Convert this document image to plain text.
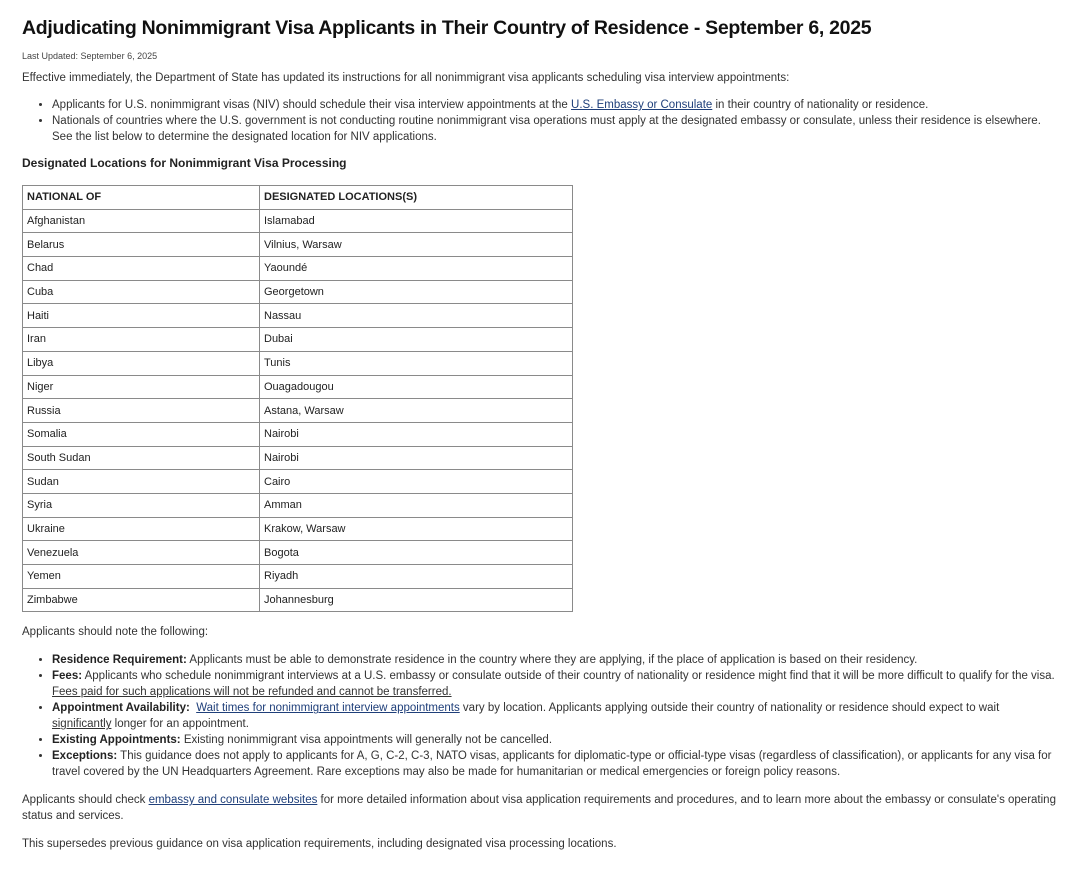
Adjudicating Nonimmigrant Visa Applicants in Their Country of Residence - September 6, 2025
Last Updated: September 6, 2025

Effective immediately, the Department of State has updated its instructions for all nonimmigrant visa applicants scheduling visa interview appointments:

• Applicants for U.S. nonimmigrant visas (NIV) should schedule their visa interview appointments at the U.S. Embassy or Consulate in their country of nationality or residence.
• Nationals of countries where the U.S. government is not conducting routine nonimmigrant visa operations must apply at the designated embassy or consulate, unless their residence is elsewhere. See the list below to determine the designated location for NIV applications.
Designated Locations for Nonimmigrant Visa Processing
NATIONAL OF	DESIGNATED LOCATIONS(S)
Afghanistan	Islamabad
Belarus	Vilnius, Warsaw
Chad	Yaoundé
Cuba	Georgetown
Haiti	Nassau
Iran	Dubai
Libya	Tunis
Niger	Ouagadougou
Russia	Astana, Warsaw
Somalia	Nairobi
South Sudan	Nairobi
Sudan	Cairo
Syria	Amman
Ukraine	Krakow, Warsaw
Venezuela	Bogota
Yemen	Riyadh
Zimbabwe	Johannesburg

Applicants should note the following:

• Residence Requirement: Applicants must be able to demonstrate residence in the country where they are applying, if the place of application is based on their residency.
• Fees: Applicants who schedule nonimmigrant interviews at a U.S. embassy or consulate outside of their country of nationality or residence might find that it will be more difficult to qualify for the visa. Fees paid for such applications will not be refunded and cannot be transferred.
• Appointment Availability: Wait times for nonimmigrant interview appointments vary by location. Applicants applying outside their country of nationality or residence should expect to wait significantly longer for an appointment.
• Existing Appointments: Existing nonimmigrant visa appointments will generally not be cancelled.
• Exceptions: This guidance does not apply to applicants for A, G, C-2, C-3, NATO visas, applicants for diplomatic-type or official-type visas (regardless of classification), or applicants for any visa for travel covered by the UN Headquarters Agreement. Rare exceptions may also be made for humanitarian or medical emergencies or foreign policy reasons.

Applicants should check embassy and consulate websites for more detailed information about visa application requirements and procedures, and to learn more about the embassy or consulate's operating status and services.

This supersedes previous guidance on visa application requirements, including designated visa processing locations.
